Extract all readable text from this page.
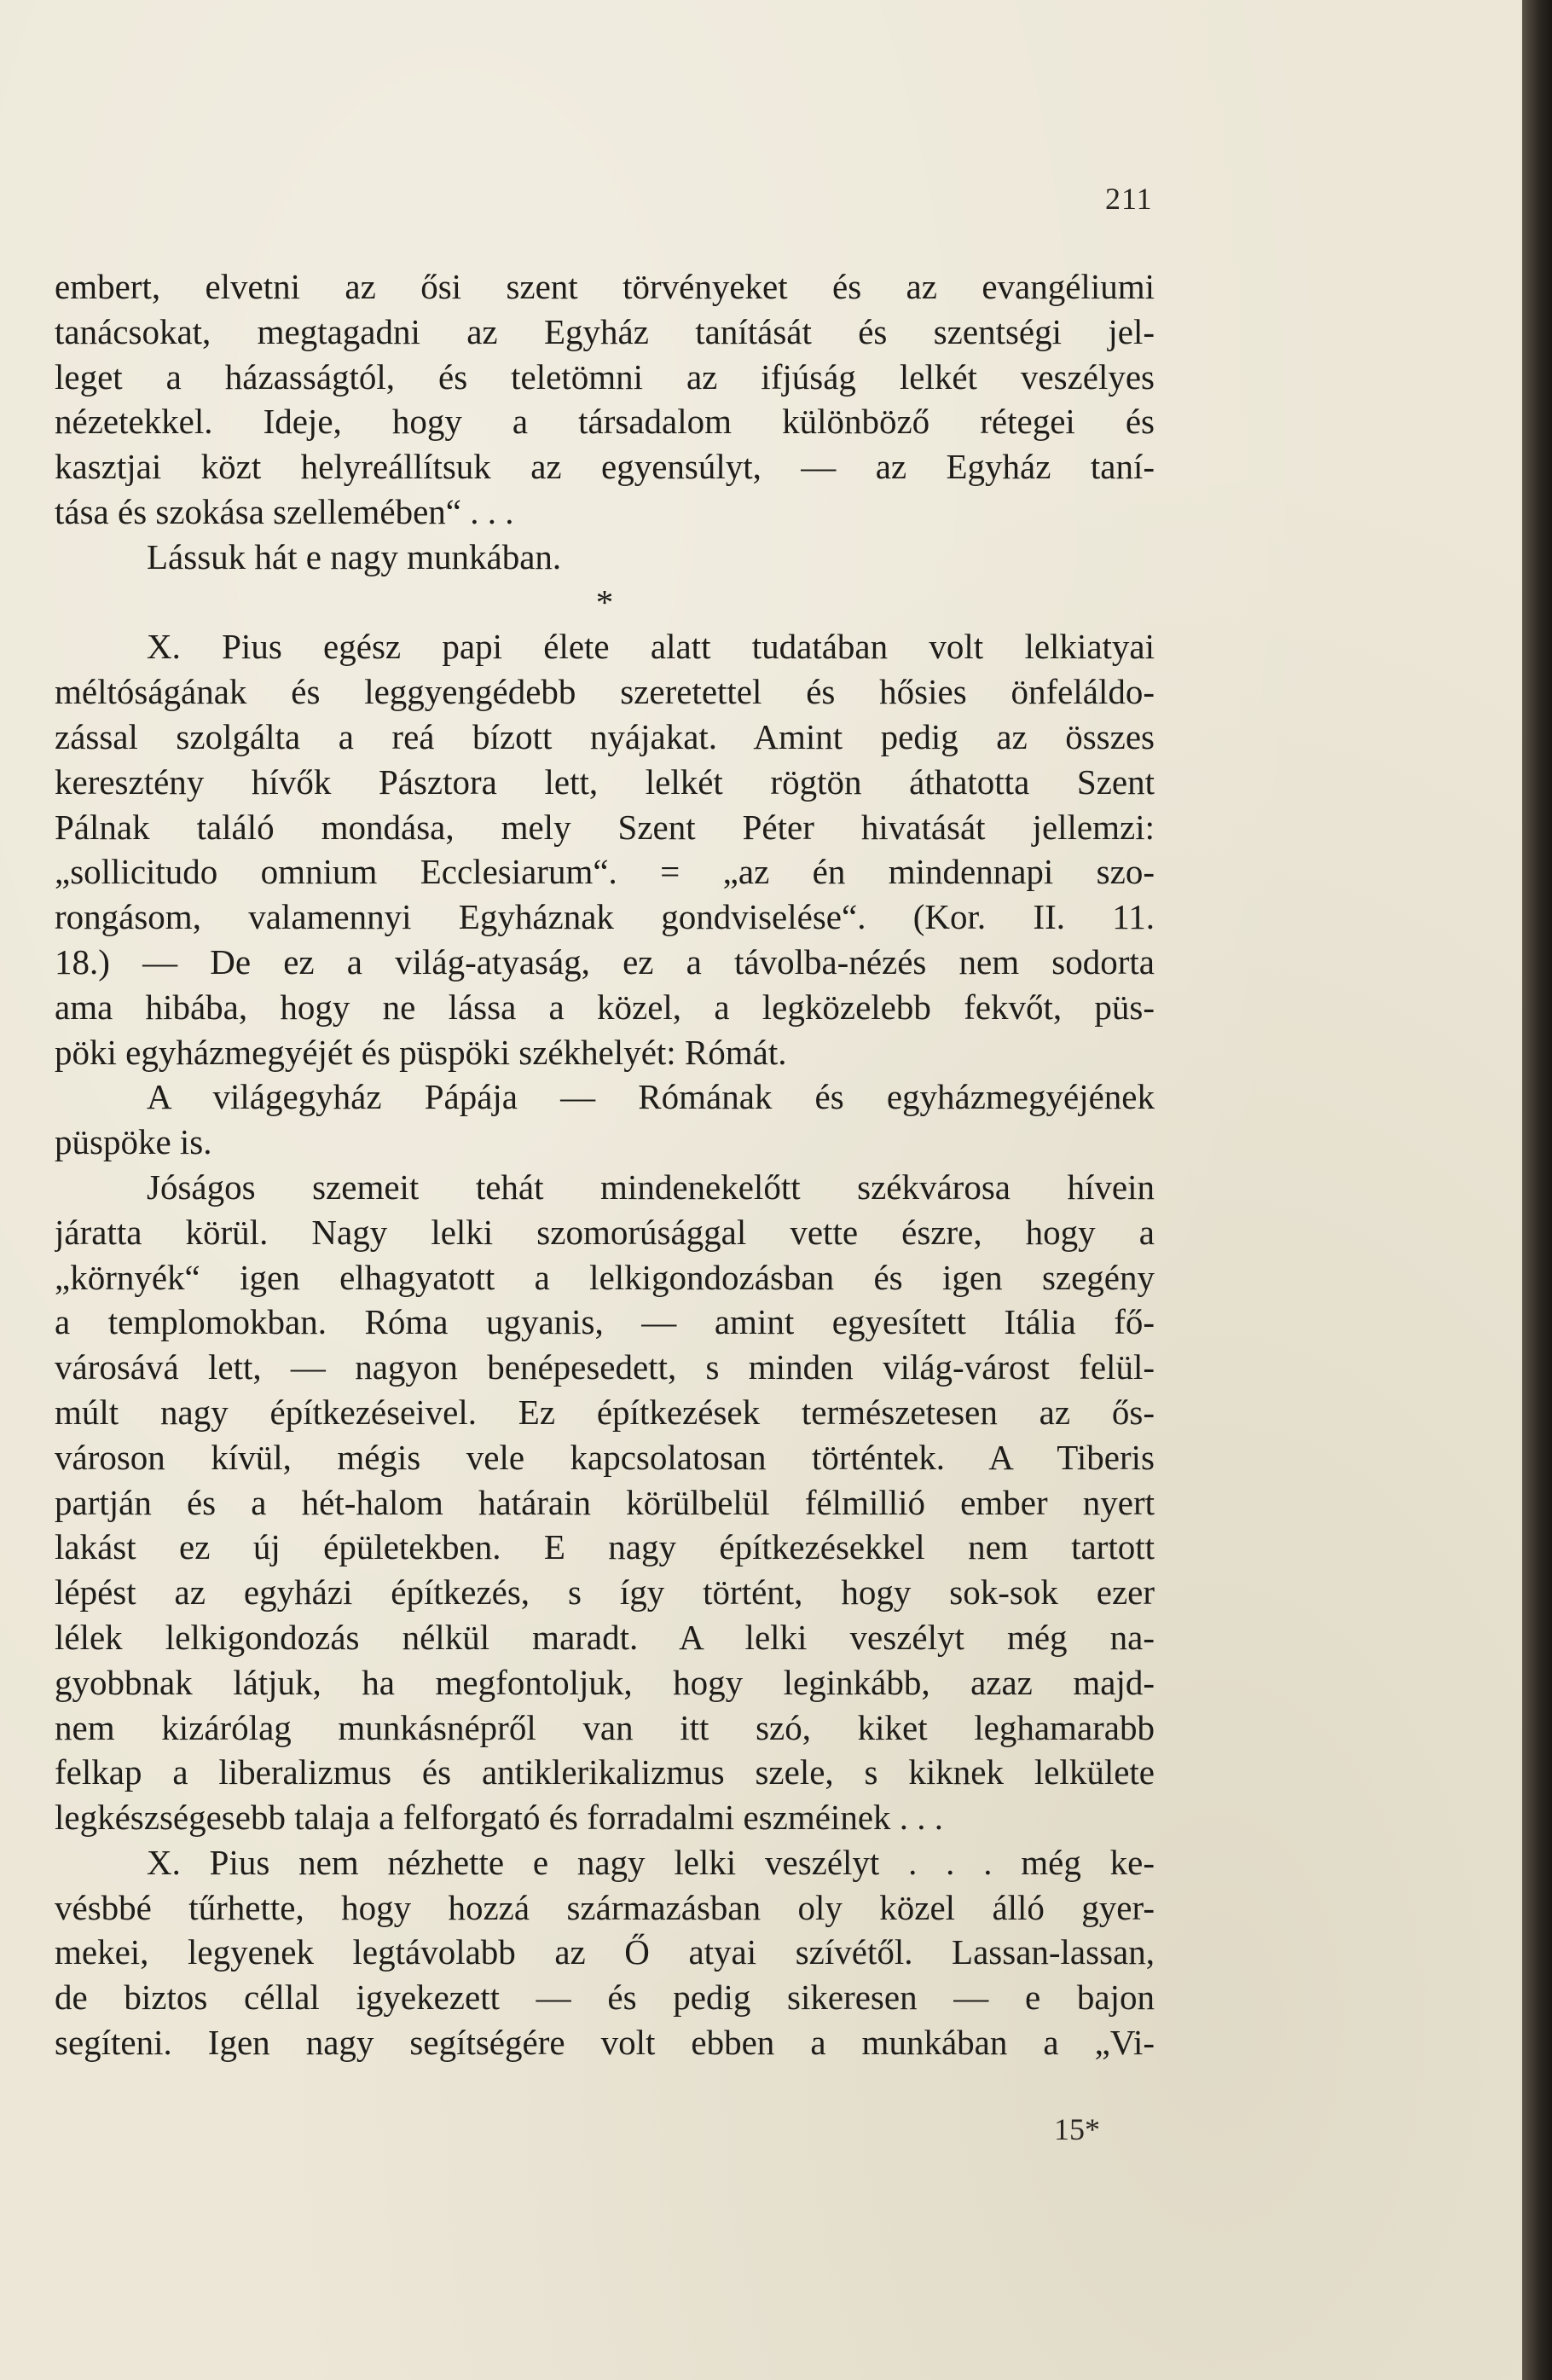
211
embert, elvetni az ősi szent törvényeket és az evangéliumi
tanácsokat, megtagadni az Egyház tanítását és szentségi jel-
leget a házasságtól, és teletömni az ifjúság lelkét veszélyes
nézetekkel. Ideje, hogy a társadalom különböző rétegei és
kasztjai közt helyreállítsuk az egyensúlyt, — az Egyház taní-
tása és szokása szellemében“ . . .
Lássuk hát e nagy munkában.
*
X. Pius egész papi élete alatt tudatában volt lelkiatyai
méltóságának és leggyengédebb szeretettel és hősies önfeláldo-
zással szolgálta a reá bízott nyájakat. Amint pedig az összes
keresztény hívők Pásztora lett, lelkét rögtön áthatotta Szent
Pálnak találó mondása, mely Szent Péter hivatását jellemzi:
„sollicitudo omnium Ecclesiarum“. = „az én mindennapi szo-
rongásom, valamennyi Egyháznak gondviselése“. (Kor. II. 11.
18.) — De ez a világ-atyaság, ez a távolba-nézés nem sodorta
ama hibába, hogy ne lássa a közel, a legközelebb fekvőt, püs-
pöki egyházmegyéjét és püspöki székhelyét: Rómát.
A világegyház Pápája — Rómának és egyházmegyéjének
püspöke is.
Jóságos szemeit tehát mindenekelőtt székvárosa hívein
járatta körül. Nagy lelki szomorúsággal vette észre, hogy a
„környék“ igen elhagyatott a lelkigondozásban és igen szegény
a templomokban. Róma ugyanis, — amint egyesített Itália fő-
városává lett, — nagyon benépesedett, s minden világ-várost felül-
múlt nagy építkezéseivel. Ez építkezések természetesen az ős-
városon kívül, mégis vele kapcsolatosan történtek. A Tiberis
partján és a hét-halom határain körülbelül félmillió ember nyert
lakást ez új épületekben. E nagy építkezésekkel nem tartott
lépést az egyházi építkezés, s így történt, hogy sok-sok ezer
lélek lelkigondozás nélkül maradt. A lelki veszélyt még na-
gyobbnak látjuk, ha megfontoljuk, hogy leginkább, azaz majd-
nem kizárólag munkásnépről van itt szó, kiket leghamarabb
felkap a liberalizmus és antiklerikalizmus szele, s kiknek lelkülete
legkészségesebb talaja a felforgató és forradalmi eszméinek . . .
X. Pius nem nézhette e nagy lelki veszélyt . . . még ke-
vésbbé tűrhette, hogy hozzá származásban oly közel álló gyer-
mekei, legyenek legtávolabb az Ő atyai szívétől. Lassan-lassan,
de biztos céllal igyekezett — és pedig sikeresen — e bajon
segíteni. Igen nagy segítségére volt ebben a munkában a „Vi-
15*
